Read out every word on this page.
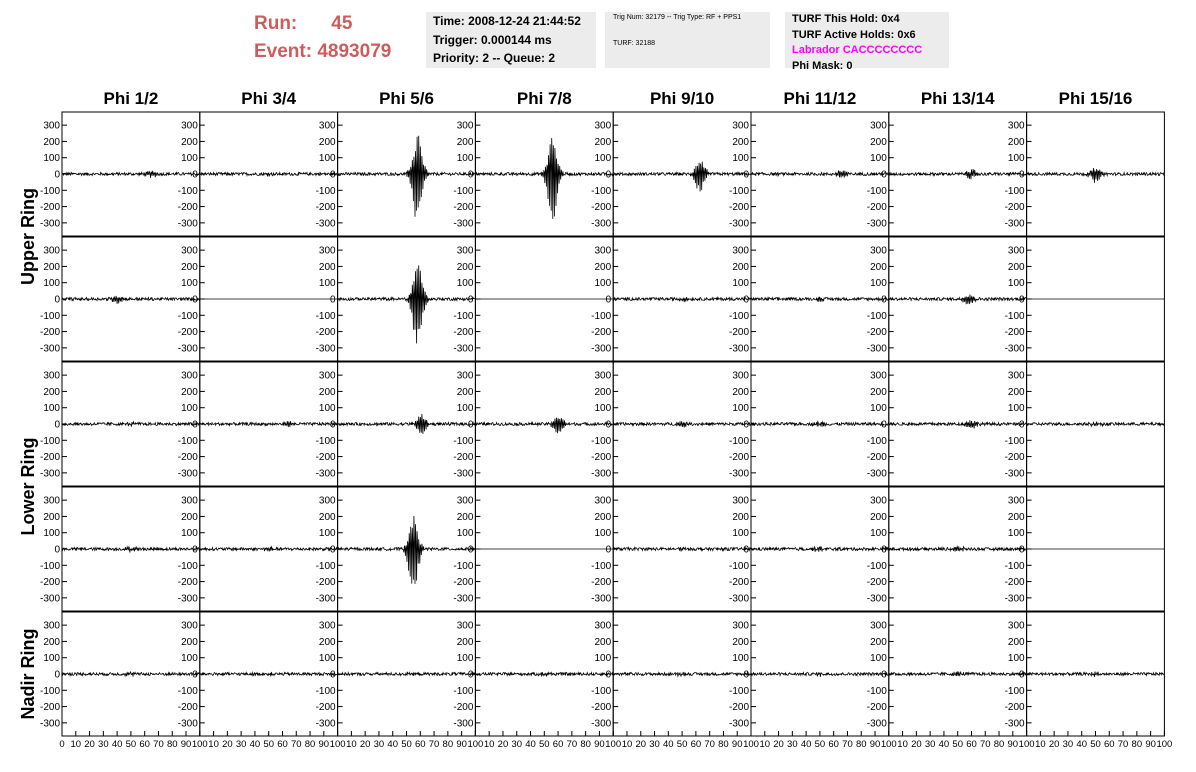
Run: 45
Event: 4893079
Time: 2008-12-24 21:44:52
Trigger: 0.000144 ms
Priority: 2 -- Queue: 2
Trig Num: 32179 -- Trig Type: RF + PPS1
TURF: 32188
TURF This Hold: 0x4
TURF Active Holds: 0x6
Labrador CACCCCCCCC
Phi Mask: 0
Phi 1/2	Phi 3/4	Phi 5/6	Phi 7/8	Phi 9/10	Phi 11/12	Phi 13/14	Phi 15/16
Upper Ring
Lower Ring
Nadir Ring
300
200
100
0
-100
-200
-300
300
200
100
0
-100
-200
-300
300
200
100
0
-100
-200
-300
300
200
100
0
-100
-200
-300
300
200
100
0
-100
-200
-300
300
200
100
0
-100
-200
-300
300
200
100
0
-100
-200
-300
300
200
100
0
-100
-200
-300
300
200
100
0
-100
-200
-300
300
200
100
0
-100
-200
-300
300
200
100
0
-100
-200
-300
300
200
100
0
-100
-200
-300
300
200
100
0
-100
-200
-300
300
200
100
0
-100
-200
-300
300
200
100
0
-100
-200
-300
300
200
100
0
-100
-200
-300
300
200
100
0
-100
-200
-300
300
200
100
0
-100
-200
-300
300
200
100
0
-100
-200
-300
300
200
100
0
-100
-200
-300
300
200
100
0
-100
-200
-300
300
200
100
0
-100
-200
-300
300
200
100
0
-100
-200
-300
300
200
100
0
-100
-200
-300
300
200
100
0
-100
-200
-300
300
200
100
0
-100
-200
-300
300
200
100
0
-100
-200
-300
300
200
100
0
-100
-200
-300
300
200
100
0
-100
-200
-300
300
200
100
0
-100
-200
-300
300
200
100
0
-100
-200
-300
300
200
100
0
-100
-200
-300
300
200
100
0
-100
-200
-300
300
200
100
0
-100
-200
-300
300
200
100
0
-100
-200
-300
300
200
100
0
-100
-200
-300
300
200
100
0
-100
-200
-300
300
200
100
0
-100
-200
-300
300
200
100
0
-100
-200
-300
300
200
100
0
-100
-200
-300
0 10 20 30 40 50 60 70 80 90 100 10 20 30 40 50 60 70 80 90 100 10 20 30 40 50 60 70 80 90 100 10 20 30 40 50 60 70 80 90 100 10 20 30 40 50 60 70 80 90 100 10 20 30 40 50 60 70 80 90 100 10 20 30 40 50 60 70 80 90 100 10 20 30 40 50 60 70 80 90 100
